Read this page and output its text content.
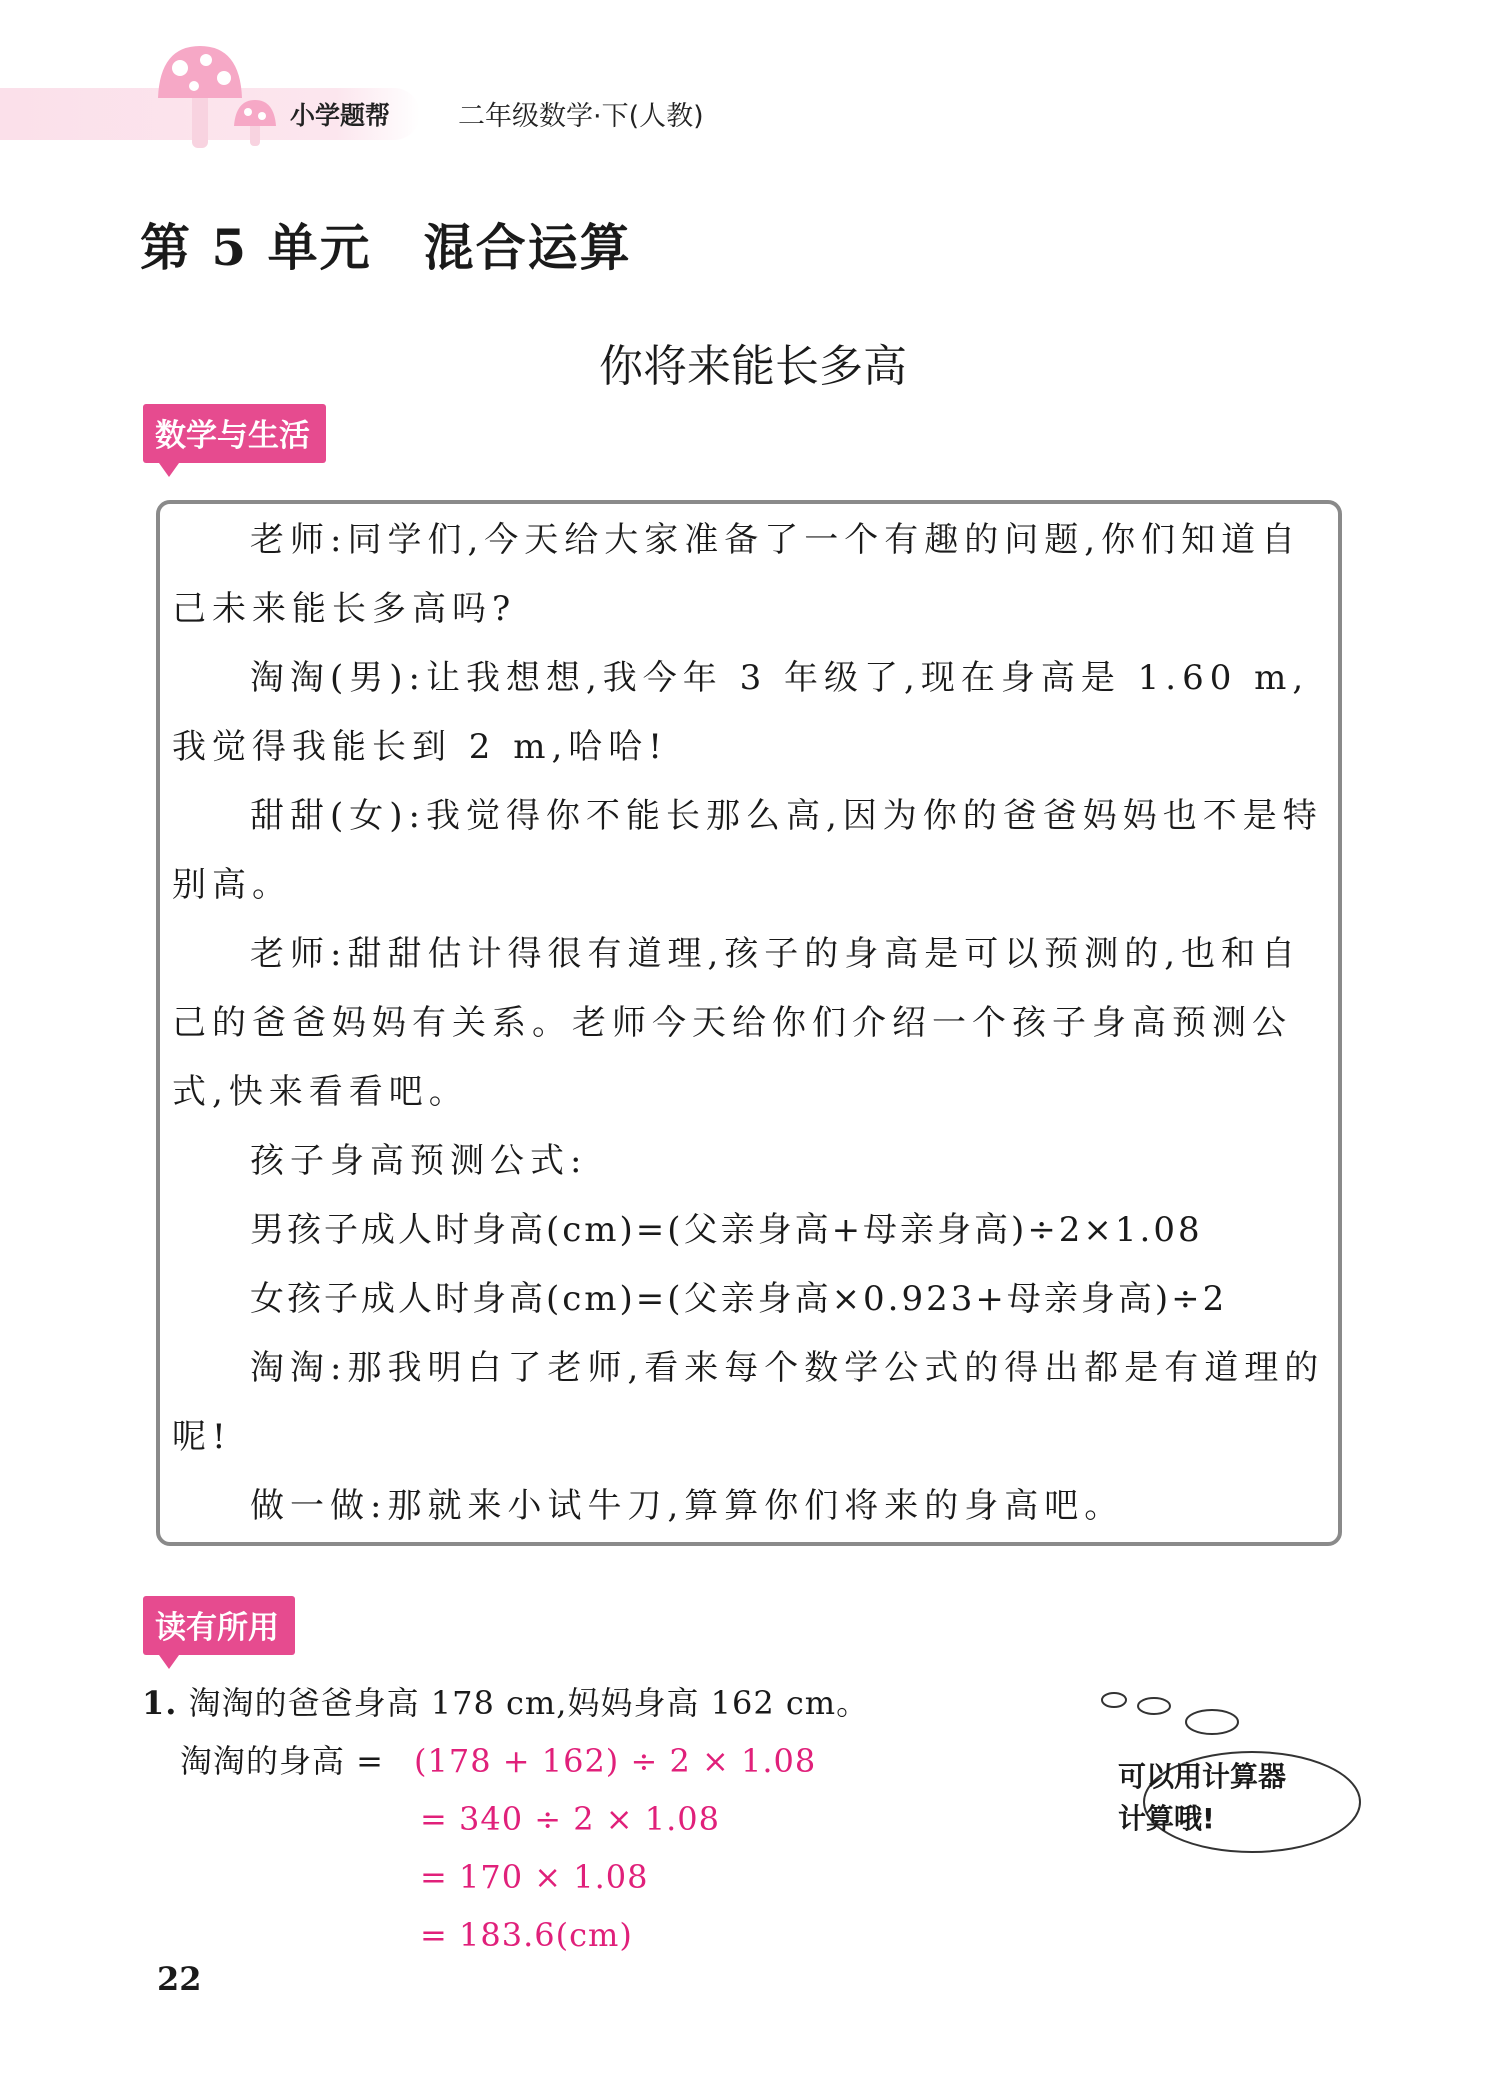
小学题帮	二年级数学·下(人教)
第 5 单元　混合运算
你将来能长多高
数学与生活
老师:同学们,今天给大家准备了一个有趣的问题,你们知道自己未来能长多高吗?
淘淘(男):让我想想,我今年 3 年级了,现在身高是 1.60 m,我觉得我能长到 2 m,哈哈!
甜甜(女):我觉得你不能长那么高,因为你的爸爸妈妈也不是特别高。
老师:甜甜估计得很有道理,孩子的身高是可以预测的,也和自己的爸爸妈妈有关系。老师今天给你们介绍一个孩子身高预测公式,快来看看吧。
孩子身高预测公式:
男孩子成人时身高(cm)=(父亲身高+母亲身高)÷2×1.08
女孩子成人时身高(cm)=(父亲身高×0.923+母亲身高)÷2
淘淘:那我明白了老师,看来每个数学公式的得出都是有道理的呢!
做一做:那就来小试牛刀,算算你们将来的身高吧。
读有所用
1. 淘淘的爸爸身高 178 cm,妈妈身高 162 cm。
淘淘的身高 = (178 + 162) ÷ 2 × 1.08
= 340 ÷ 2 × 1.08
= 170 × 1.08
= 183.6(cm)
可以用计算器
计算哦!
22
